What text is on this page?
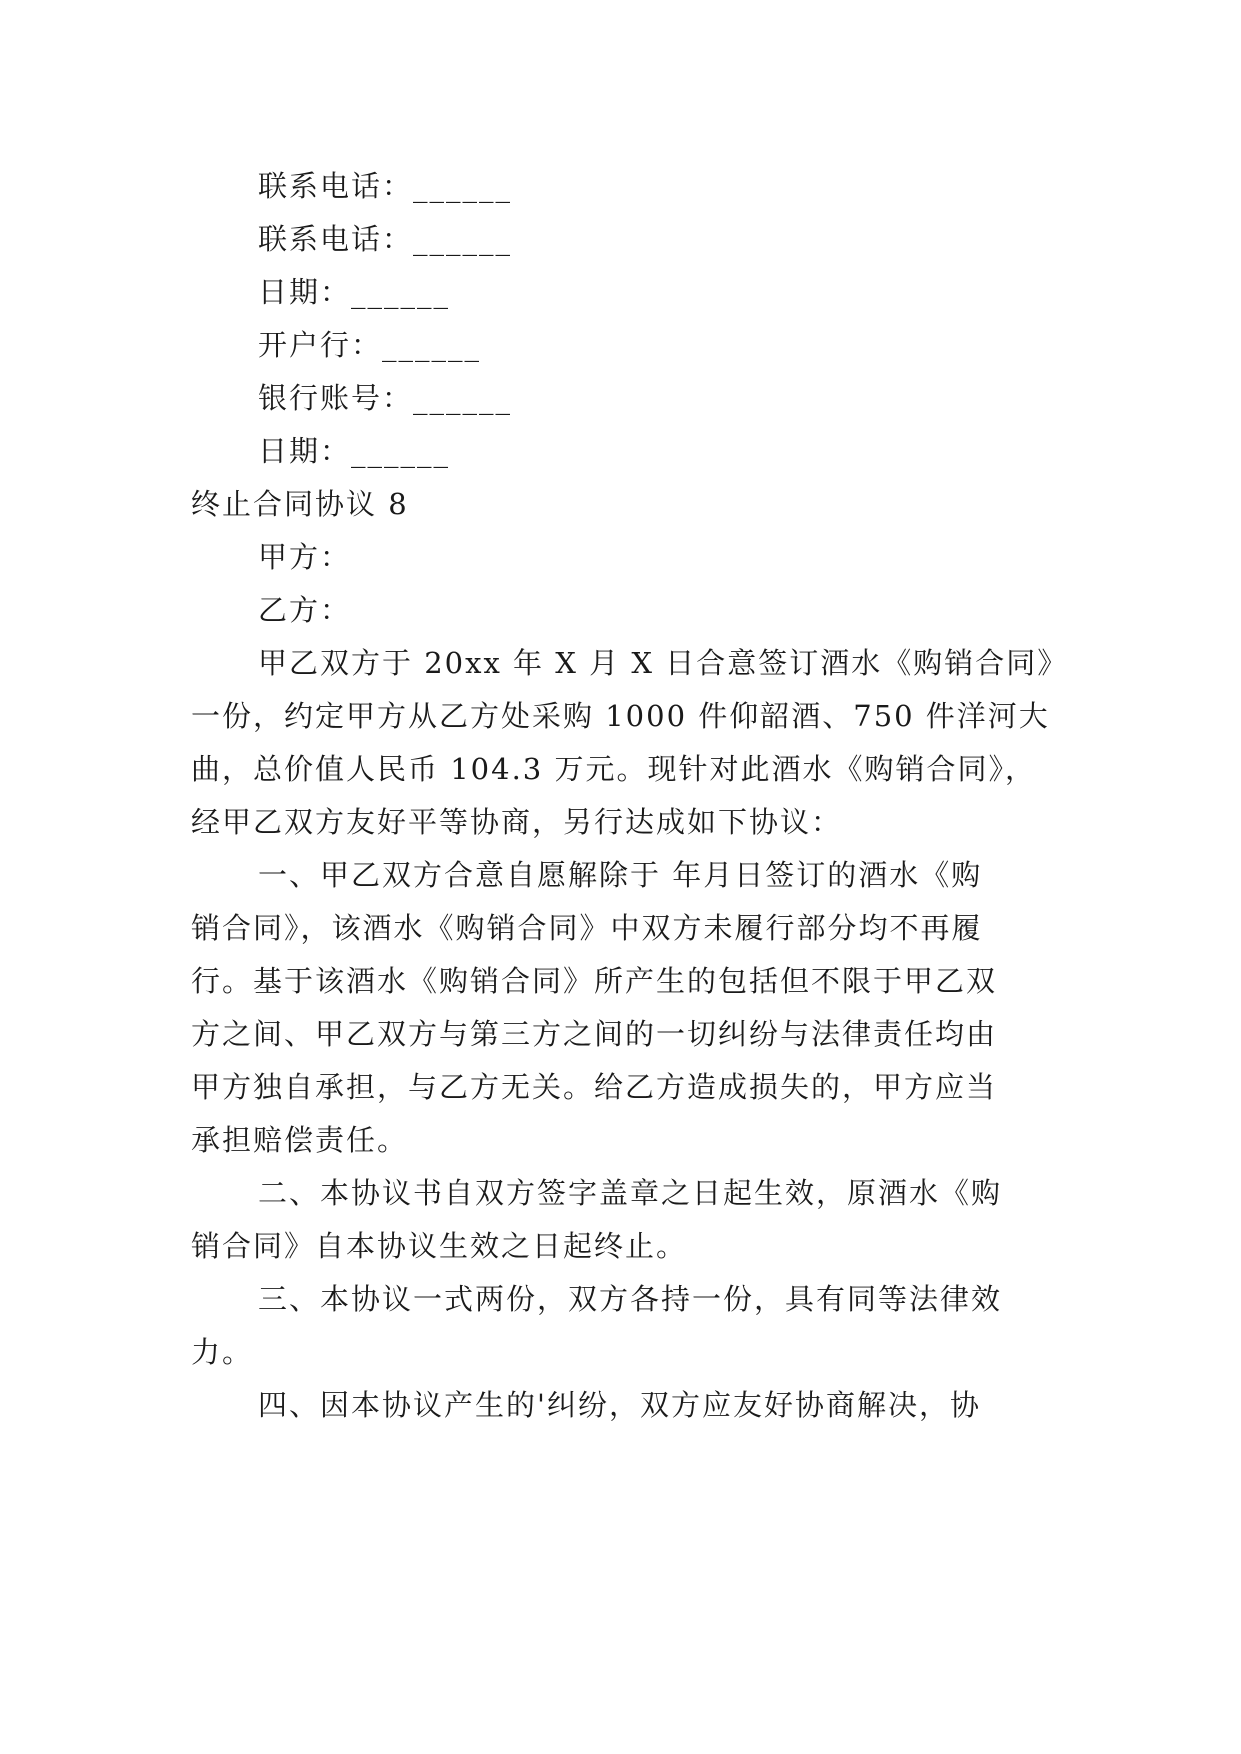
联系电话：______
联系电话：______
日期：______
开户行：______
银行账号：______
日期：______
终止合同协议 8
甲方：
乙方：
甲乙双方于 20xx 年 X 月 X 日合意签订酒水《购销合同》
一份，约定甲方从乙方处采购 1000 件仰韶酒、750 件洋河大
曲，总价值人民币 104.3 万元。现针对此酒水《购销合同》，
经甲乙双方友好平等协商，另行达成如下协议：
一、甲乙双方合意自愿解除于 年月日签订的酒水《购
销合同》，该酒水《购销合同》中双方未履行部分均不再履
行。基于该酒水《购销合同》所产生的包括但不限于甲乙双
方之间、甲乙双方与第三方之间的一切纠纷与法律责任均由
甲方独自承担，与乙方无关。给乙方造成损失的，甲方应当
承担赔偿责任。
二、本协议书自双方签字盖章之日起生效，原酒水《购
销合同》自本协议生效之日起终止。
三、本协议一式两份，双方各持一份，具有同等法律效
力。
四、因本协议产生的'纠纷，双方应友好协商解决，协
